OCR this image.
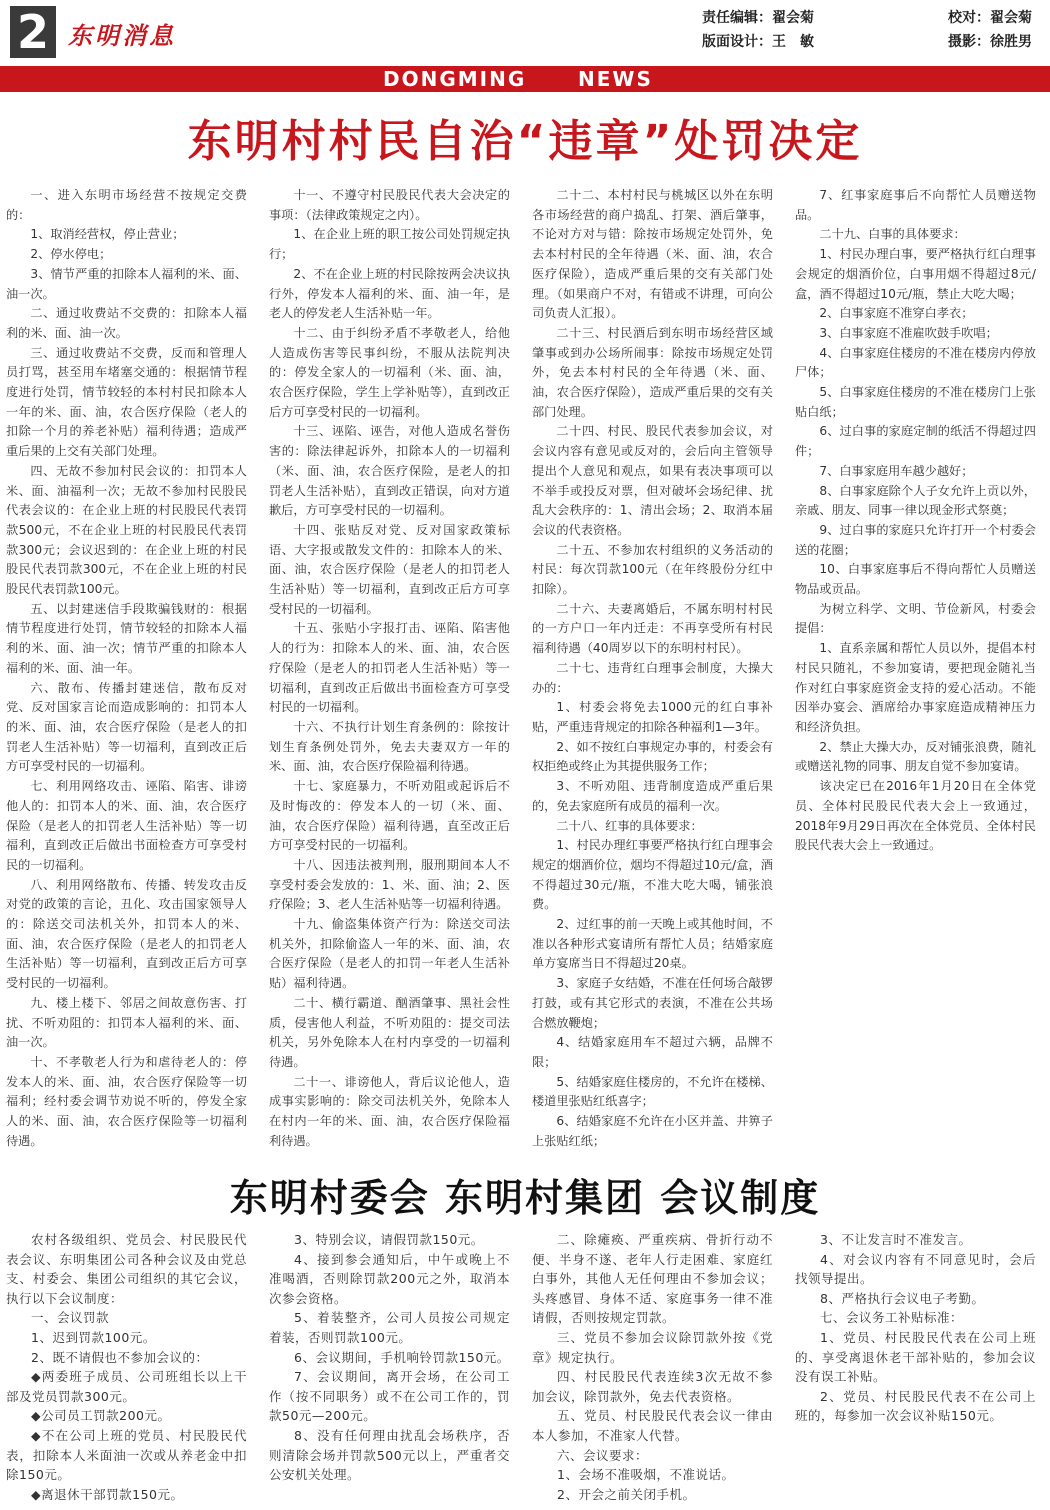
2 东明消息
责任编辑：翟会菊	校对：翟会菊
版面设计：王　敏	摄影：徐胜男
DONGMING	NEWS
东明村村民自治“违章”处罚决定

一、进入东明市场经营不按规定交费的：

1、取消经营权，停止营业；

2、停水停电；

3、情节严重的扣除本人福利的米、面、油一次。

二、通过收费站不交费的：扣除本人福利的米、面、油一次。

三、通过收费站不交费，反而和管理人员打骂，甚至用车堵塞交通的：根据情节程度进行处罚，情节较轻的本村村民扣除本人一年的米、面、油，农合医疗保险（老人的扣除一个月的养老补贴）福利待遇；造成严重后果的上交有关部门处理。

四、无故不参加村民会议的：扣罚本人米、面、油福利一次；无故不参加村民股民代表会议的：在企业上班的村民股民代表罚款500元，不在企业上班的村民股民代表罚款300元；会议迟到的：在企业上班的村民股民代表罚款300元，不在企业上班的村民股民代表罚款100元。

五、以封建迷信手段欺骗钱财的：根据情节程度进行处罚，情节较轻的扣除本人福利的米、面、油一次；情节严重的扣除本人福利的米、面、油一年。

六、散布、传播封建迷信，散布反对党、反对国家言论而造成影响的：扣罚本人的米、面、油，农合医疗保险（是老人的扣罚老人生活补贴）等一切福利，直到改正后方可享受村民的一切福利。

七、利用网络攻击、诬陷、陷害、诽谤他人的：扣罚本人的米、面、油，农合医疗保险（是老人的扣罚老人生活补贴）等一切福利，直到改正后做出书面检查方可享受村民的一切福利。

八、利用网络散布、传播、转发攻击反对党的政策的言论，丑化、攻击国家领导人的：除送交司法机关外，扣罚本人的米、面、油，农合医疗保险（是老人的扣罚老人生活补贴）等一切福利，直到改正后方可享受村民的一切福利。

九、楼上楼下、邻居之间故意伤害、打扰、不听劝阻的：扣罚本人福利的米、面、油一次。

十、不孝敬老人行为和虐待老人的：停发本人的米、面、油，农合医疗保险等一切福利；经村委会调节劝说不听的，停发全家人的米、面、油，农合医疗保险等一切福利待遇。

十一、不遵守村民股民代表大会决定的事项：（法律政策规定之内）。

1、在企业上班的职工按公司处罚规定执行；

2、不在企业上班的村民除按两会决议执行外，停发本人福利的米、面、油一年，是老人的停发老人生活补贴一年。

十二、由于纠纷矛盾不孝敬老人，给他人造成伤害等民事纠纷，不服从法院判决的：停发全家人的一切福利（米、面、油，农合医疗保险，学生上学补贴等），直到改正后方可享受村民的一切福利。

十三、诬陷、诬告，对他人造成名誉伤害的：除法律起诉外，扣除本人的一切福利（米、面、油，农合医疗保险，是老人的扣罚老人生活补贴），直到改正错误，向对方道歉后，方可享受村民的一切福利。

十四、张贴反对党、反对国家政策标语、大字报或散发文件的：扣除本人的米、面、油，农合医疗保险（是老人的扣罚老人生活补贴）等一切福利，直到改正后方可享受村民的一切福利。

十五、张贴小字报打击、诬陷、陷害他人的行为：扣除本人的米、面、油，农合医疗保险（是老人的扣罚老人生活补贴）等一切福利，直到改正后做出书面检查方可享受村民的一切福利。

十六、不执行计划生育条例的：除按计划生育条例处罚外，免去夫妻双方一年的米、面、油，农合医疗保险福利待遇。

十七、家庭暴力，不听劝阻或起诉后不及时悔改的：停发本人的一切（米、面、油，农合医疗保险）福利待遇，直至改正后方可享受村民的一切福利。

十八、因违法被判刑，服刑期间本人不享受村委会发放的：1、米、面、油；2、医疗保险；3、老人生活补贴等一切福利待遇。

十九、偷盗集体资产行为：除送交司法机关外，扣除偷盗人一年的米、面、油，农合医疗保险（是老人的扣罚一年老人生活补贴）福利待遇。

二十、横行霸道、酗酒肇事、黑社会性质，侵害他人利益，不听劝阻的：提交司法机关，另外免除本人在村内享受的一切福利待遇。

二十一、诽谤他人，背后议论他人，造成事实影响的：除交司法机关外，免除本人在村内一年的米、面、油，农合医疗保险福利待遇。

二十二、本村村民与桃城区以外在东明各市场经营的商户捣乱、打架、酒后肇事，不论对方对与错：除按市场规定处罚外，免去本村村民的全年待遇（米、面、油，农合医疗保险），造成严重后果的交有关部门处理。（如果商户不对，有错或不讲理，可向公司负责人汇报）。

二十三、村民酒后到东明市场经营区域肇事或到办公场所闹事：除按市场规定处罚外，免去本村村民的全年待遇（米、面、油，农合医疗保险），造成严重后果的交有关部门处理。

二十四、村民、股民代表参加会议，对会议内容有意见或反对的，会后向主管领导提出个人意见和观点，如果有表决事项可以不举手或投反对票，但对破坏会场纪律、扰乱大会秩序的：1、清出会场；2、取消本届会议的代表资格。

二十五、不参加农村组织的义务活动的村民：每次罚款100元（在年终股份分红中扣除）。

二十六、夫妻离婚后，不属东明村村民的一方户口一年内迁走：不再享受所有村民福利待遇（40周岁以下的东明村村民）。

二十七、违背红白理事会制度，大操大办的：

1、村委会将免去1000元的红白事补贴，严重违背规定的扣除各种福利1—3年。

2、如不按红白事规定办事的，村委会有权拒绝或终止为其提供服务工作；

3、不听劝阻、违背制度造成严重后果的，免去家庭所有成员的福利一次。

二十八、红事的具体要求：

1、村民办理红事要严格执行红白理事会规定的烟酒价位，烟均不得超过10元/盒，酒不得超过30元/瓶，不准大吃大喝，铺张浪费。

2、过红事的前一天晚上或其他时间，不准以各种形式宴请所有帮忙人员；结婚家庭单方宴席当日不得超过20桌。

3、家庭子女结婚，不准在任何场合敲锣打鼓，或有其它形式的表演，不准在公共场合燃放鞭炮；

4、结婚家庭用车不超过六辆，品牌不限；

5、结婚家庭住楼房的，不允许在楼梯、楼道里张贴红纸喜字；

6、结婚家庭不允许在小区并盖、井箅子上张贴红纸；

7、红事家庭事后不向帮忙人员赠送物品。

二十九、白事的具体要求：

1、村民办理白事，要严格执行红白理事会规定的烟酒价位，白事用烟不得超过8元/盒，酒不得超过10元/瓶，禁止大吃大喝；

2、白事家庭不准穿白孝衣；

3、白事家庭不准雇吹鼓手吹唱；

4、白事家庭住楼房的不准在楼房内停放尸体；

5、白事家庭住楼房的不准在楼房门上张贴白纸；

6、过白事的家庭定制的纸活不得超过四件；

7、白事家庭用车越少越好；

8、白事家庭除个人子女允许上贡以外，亲戚、朋友、同事一律以现金形式祭奠；

9、过白事的家庭只允许打开一个村委会送的花圈；

10、白事家庭事后不得向帮忙人员赠送物品或贡品。

为树立科学、文明、节俭新风，村委会提倡：

1、直系亲属和帮忙人员以外，提倡本村村民只随礼，不参加宴请，要把现金随礼当作对红白事家庭资金支持的爱心活动。不能因举办宴会、酒席给办事家庭造成精神压力和经济负担。

2、禁止大操大办，反对铺张浪费，随礼或赠送礼物的同事、朋友自觉不参加宴请。

该决定已在2016年1月20日在全体党员、全体村民股民代表大会上一致通过，2018年9月29日再次在全体党员、全体村民股民代表大会上一致通过。

东明村委会 东明村集团 会议制度

农村各级组织、党员会、村民股民代表会议、东明集团公司各种会议及由党总支、村委会、集团公司组织的其它会议，执行以下会议制度：

一、会议罚款

1、迟到罚款100元。

2、既不请假也不参加会议的：

◆两委班子成员、公司班组长以上干部及党员罚款300元。

◆公司员工罚款200元。

◆不在公司上班的党员、村民股民代表，扣除本人米面油一次或从养老金中扣除150元。

◆离退休干部罚款150元。

3、特别会议，请假罚款150元。

4、接到参会通知后，中午或晚上不准喝酒，否则除罚款200元之外，取消本次参会资格。

5、着装整齐，公司人员按公司规定着装，否则罚款100元。

6、会议期间，手机响铃罚款150元。

7、会议期间，离开会场，在公司工作（按不同职务）或不在公司工作的，罚款50元—200元。

8、没有任何理由扰乱会场秩序，否则清除会场并罚款500元以上，严重者交公安机关处理。

二、除瘫痪、严重疾病、骨折行动不便、半身不遂、老年人行走困难、家庭红白事外，其他人无任何理由不参加会议；头疼感冒、身体不适、家庭事务一律不准请假，否则按规定罚款。

三、党员不参加会议除罚款外按《党章》规定执行。

四、村民股民代表连续3次无故不参加会议，除罚款外，免去代表资格。

五、党员、村民股民代表会议一律由本人参加，不准家人代替。

六、会议要求：

1、会场不准吸烟，不准说话。

2、开会之前关闭手机。

3、不让发言时不准发言。

4、对会议内容有不同意见时，会后找领导提出。

8、严格执行会议电子考勤。

七、会议务工补贴标准：

1、党员、村民股民代表在公司上班的、享受离退休老干部补贴的，参加会议没有误工补贴。

2、党员、村民股民代表不在公司上班的，每参加一次会议补贴150元。
